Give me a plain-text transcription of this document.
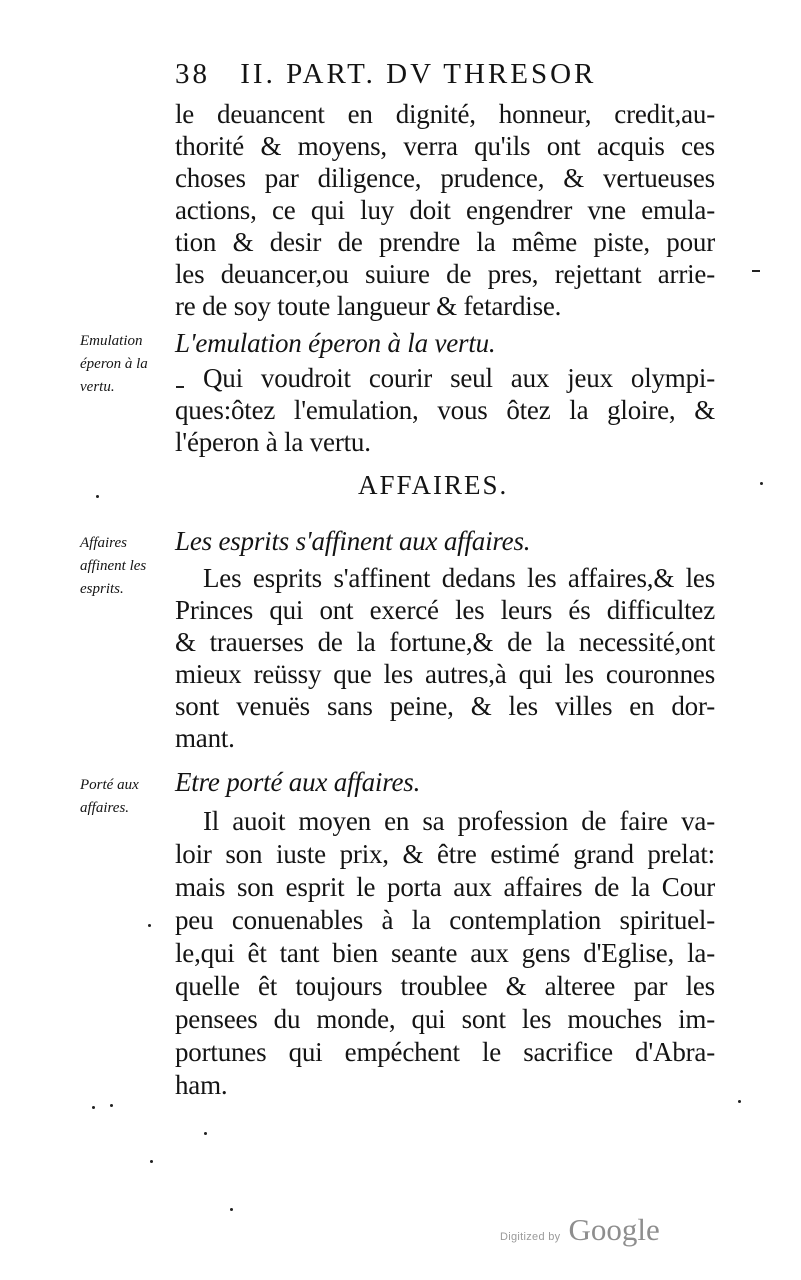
38 II. PART. DV THRESOR
le deuancent en dignité, honneur, credit,au-
thorité & moyens, verra qu'ils ont acquis ces
choses par diligence, prudence, & vertueuses
actions, ce qui luy doit engendrer vne emula-
tion & desir de prendre la même piste, pour
les deuancer,ou suiure de pres, rejettant arrie-
re de soy toute langueur & fetardise.
L'emulation éperon à la vertu.
Qui voudroit courir seul aux jeux olympi-
ques:ôtez l'emulation, vous ôtez la gloire, &
l'éperon à la vertu.
AFFAIRES.
Les esprits s'affinent aux affaires.
Les esprits s'affinent dedans les affaires,& les
Princes qui ont exercé les leurs és difficultez
& trauerses de la fortune,& de la necessité,ont
mieux reüssy que les autres,à qui les couronnes
sont venuës sans peine, & les villes en dor-
mant.
Etre porté aux affaires.
Il auoit moyen en sa profession de faire va-
loir son iuste prix, & être estimé grand prelat:
mais son esprit le porta aux affaires de la Cour
peu conuenables à la contemplation spirituel-
le,qui êt tant bien seante aux gens d'Eglise, la-
quelle êt toujours troublee & alteree par les
pensees du monde, qui sont les mouches im-
portunes qui empéchent le sacrifice d'Abra-
ham.
Emulation
éperon à la
vertu.
Affaires
affinent les
esprits.
Porté aux
affaires.
Digitized by Google
